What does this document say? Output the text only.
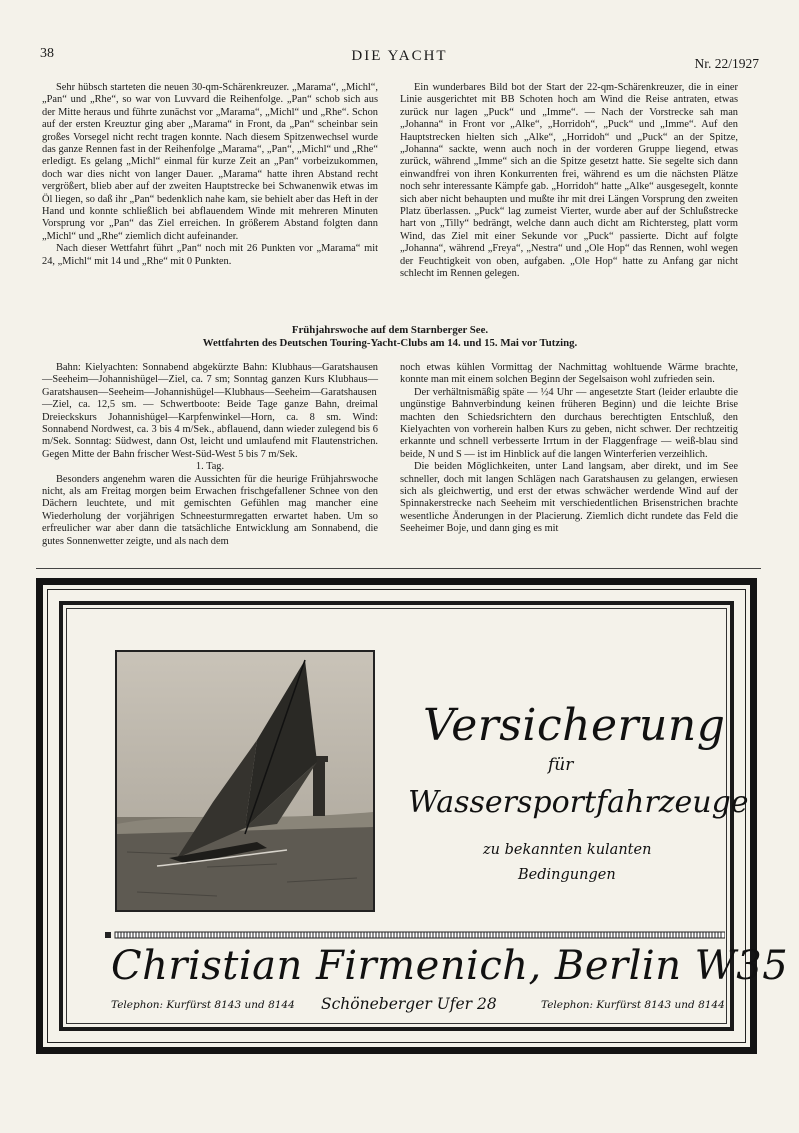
38	DIE YACHT	Nr. 22/1927

Sehr hübsch starteten die neuen 30-qm-Schärenkreuzer. „Marama“, „Michl“, „Pan“ und „Rhe“, so war von Luvvard die Reihenfolge. „Pan“ schob sich aus der Mitte heraus und führte zunächst vor „Marama“, „Michl“ und „Rhe“. Schon auf der ersten Kreuztur ging aber „Marama“ in Front, da „Pan“ scheinbar sein großes Vorsegel nicht recht tragen konnte. Nach diesem Spitzenwechsel wurde das ganze Rennen fast in der Reihenfolge „Marama“, „Pan“, „Michl“ und „Rhe“ erledigt. Es gelang „Michl“ einmal für kurze Zeit an „Pan“ vorbeizukommen, doch war dies nicht von langer Dauer. „Marama“ hatte ihren Abstand recht vergrößert, blieb aber auf der zweiten Hauptstrecke bei Schwanenwik etwas im Öl liegen, so daß ihr „Pan“ bedenklich nahe kam, sie behielt aber das Heft in der Hand und konnte schließlich bei abflauendem Winde mit mehreren Minuten Vorsprung vor „Pan“ das Ziel erreichen. In größerem Abstand folgten dann „Michl“ und „Rhe“ ziemlich dicht aufeinander.

Nach dieser Wettfahrt führt „Pan“ noch mit 26 Punkten vor „Marama“ mit 24, „Michl“ mit 14 und „Rhe“ mit 0 Punkten.

Ein wunderbares Bild bot der Start der 22-qm-Schärenkreuzer, die in einer Linie ausgerichtet mit BB Schoten hoch am Wind die Reise antraten, etwas zurück nur lagen „Puck“ und „Imme“. — Nach der Vorstrecke sah man „Johanna“ in Front vor „Alke“, „Horridoh“, „Puck“ und „Imme“. Auf den Hauptstrecken hielten sich „Alke“, „Horridoh“ und „Puck“ an der Spitze, „Johanna“ sackte, wenn auch noch in der vorderen Gruppe liegend, etwas zurück, während „Imme“ sich an die Spitze gesetzt hatte. Sie segelte sich dann einwandfrei von ihren Konkurrenten frei, während es um die nächsten Plätze noch sehr interessante Kämpfe gab. „Horridoh“ hatte „Alke“ ausgesegelt, konnte sich aber nicht behaupten und mußte ihr mit drei Längen Vorsprung den zweiten Platz überlassen. „Puck“ lag zumeist Vierter, wurde aber auf der Schlußstrecke hart von „Tilly“ bedrängt, welche dann auch dicht am Richtersteg, platt vorm Wind, das Ziel mit einer Sekunde vor „Puck“ passierte. Dicht auf folgte „Johanna“, während „Freya“, „Nestra“ und „Ole Hop“ das Rennen, wohl wegen der Feuchtigkeit von oben, aufgaben. „Ole Hop“ hatte zu Anfang gar nicht schlecht im Rennen gelegen.

Frühjahrswoche auf dem Starnberger See.
Wettfahrten des Deutschen Touring-Yacht-Clubs am 14. und 15. Mai vor Tutzing.

Bahn: Kielyachten: Sonnabend abgekürzte Bahn: Klubhaus—Garatshausen—Seeheim—Johannishügel—Ziel, ca. 7 sm; Sonntag ganzen Kurs Klubhaus—Garatshausen—Seeheim—Johannishügel—Klubhaus—Seeheim—Garatshausen—Ziel, ca. 12,5 sm. — Schwertboote: Beide Tage ganze Bahn, dreimal Dreieckskurs Johannishügel—Karpfenwinkel—Horn, ca. 8 sm. Wind: Sonnabend Nordwest, ca. 3 bis 4 m/Sek., abflauend, dann wieder zulegend bis 6 m/Sek. Sonntag: Südwest, dann Ost, leicht und umlaufend mit Flautenstrichen. Gegen Mitte der Bahn frischer West-Süd-West 5 bis 7 m/Sek.

1. Tag.

Besonders angenehm waren die Aussichten für die heurige Frühjahrswoche nicht, als am Freitag morgen beim Erwachen frischgefallener Schnee von den Dächern leuchtete, und mit gemischten Gefühlen mag mancher eine Wiederholung der vorjährigen Schneesturmregatten erwartet haben. Um so erfreulicher war aber dann die tatsächliche Entwicklung am Sonnabend, die gutes Sonnenwetter zeigte, und als nach dem

noch etwas kühlen Vormittag der Nachmittag wohltuende Wärme brachte, konnte man mit einem solchen Beginn der Segelsaison wohl zufrieden sein.

Der verhältnismäßig späte — ½4 Uhr — angesetzte Start (leider erlaubte die ungünstige Bahnverbindung keinen früheren Beginn) und die leichte Brise machten den Schiedsrichtern den durchaus berechtigten Entschluß, den Kielyachten von vorherein halben Kurs zu geben, nicht schwer. Der rechtzeitig erkannte und schnell verbesserte Irrtum in der Flaggenfrage — weiß-blau sind beide, N und S — ist im Hinblick auf die langen Winterferien verzeihlich.

Die beiden Möglichkeiten, unter Land langsam, aber direkt, und im See schneller, doch mit langen Schlägen nach Garatshausen zu gelangen, erwiesen sich als gleichwertig, und erst der etwas schwächer werdende Wind auf der Spinnakerstrecke nach Seeheim mit verschiedentlichen Brisenstrichen brachte wesentliche Änderungen in der Placierung. Ziemlich dicht rundete das Feld die Seeheimer Boje, und dann ging es mit

Versicherung
für
Wassersportfahrzeuge
zu bekannten kulanten
Bedingungen
Christian Firmenich, Berlin W35
Telephon: Kurfürst 8143 und 8144 Schöneberger Ufer 28	Telephon: Kurfürst 8143 und 8144
